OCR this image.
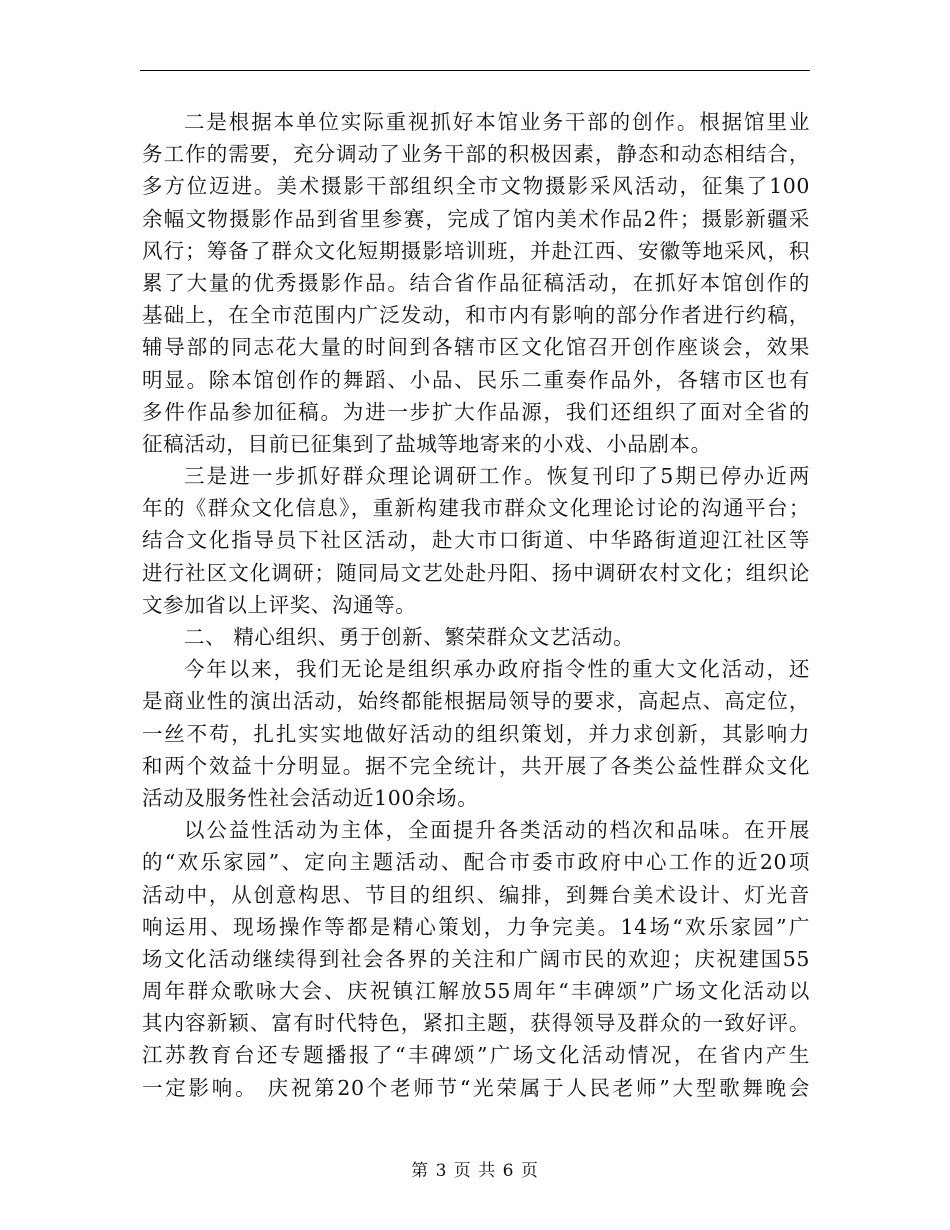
二是根据本单位实际重视抓好本馆业务干部的创作。根据馆里业
务工作的需要，充分调动了业务干部的积极因素，静态和动态相结合，
多方位迈进。美术摄影干部组织全市文物摄影采风活动，征集了100
余幅文物摄影作品到省里参赛，完成了馆内美术作品2件；摄影新疆采
风行；筹备了群众文化短期摄影培训班，并赴江西、安徽等地采风，积
累了大量的优秀摄影作品。结合省作品征稿活动，在抓好本馆创作的
基础上，在全市范围内广泛发动，和市内有影响的部分作者进行约稿，
辅导部的同志花大量的时间到各辖市区文化馆召开创作座谈会，效果
明显。除本馆创作的舞蹈、小品、民乐二重奏作品外，各辖市区也有
多件作品参加征稿。为进一步扩大作品源，我们还组织了面对全省的
征稿活动，目前已征集到了盐城等地寄来的小戏、小品剧本。
三是进一步抓好群众理论调研工作。恢复刊印了5期已停办近两
年的《群众文化信息》，重新构建我市群众文化理论讨论的沟通平台；
结合文化指导员下社区活动，赴大市口街道、中华路街道迎江社区等
进行社区文化调研；随同局文艺处赴丹阳、扬中调研农村文化；组织论
文参加省以上评奖、沟通等。
二、 精心组织、勇于创新、繁荣群众文艺活动。
今年以来，我们无论是组织承办政府指令性的重大文化活动，还
是商业性的演出活动，始终都能根据局领导的要求，高起点、高定位，
一丝不苟，扎扎实实地做好活动的组织策划，并力求创新，其影响力
和两个效益十分明显。据不完全统计，共开展了各类公益性群众文化
活动及服务性社会活动近100余场。
以公益性活动为主体，全面提升各类活动的档次和品味。在开展
的“欢乐家园”、定向主题活动、配合市委市政府中心工作的近20项
活动中，从创意构思、节目的组织、编排，到舞台美术设计、灯光音
响运用、现场操作等都是精心策划，力争完美。14场“欢乐家园”广
场文化活动继续得到社会各界的关注和广阔市民的欢迎；庆祝建国55
周年群众歌咏大会、庆祝镇江解放55周年“丰碑颂”广场文化活动以
其内容新颖、富有时代特色，紧扣主题，获得领导及群众的一致好评。
江苏教育台还专题播报了“丰碑颂”广场文化活动情况，在省内产生
一定影响。 庆祝第20个老师节“光荣属于人民老师”大型歌舞晚会
第 3 页 共 6 页
